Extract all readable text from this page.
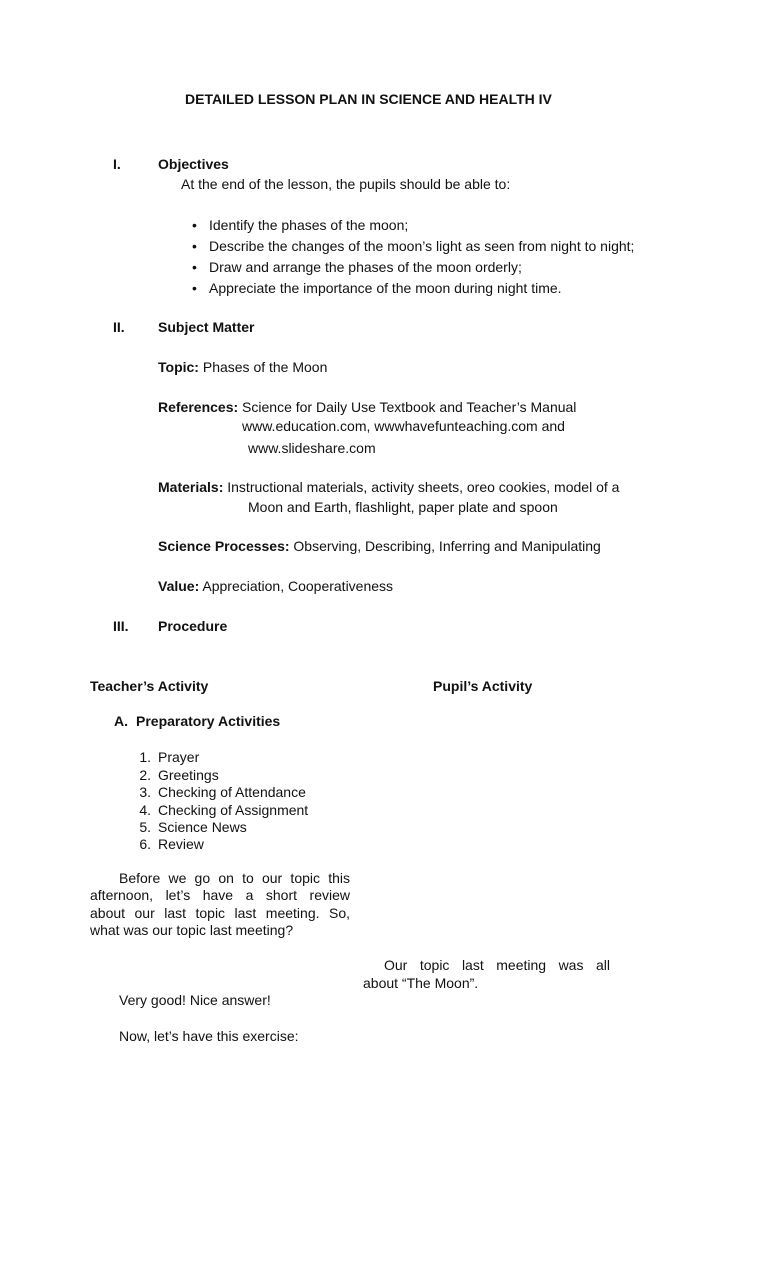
DETAILED LESSON PLAN IN SCIENCE AND HEALTH IV
I.	Objectives
At the end of the lesson, the pupils should be able to:
• Identify the phases of the moon;
• Describe the changes of the moon’s light as seen from night to night;
• Draw and arrange the phases of the moon orderly;
• Appreciate the importance of the moon during night time.
II. Subject Matter
Topic: Phases of the Moon
References: Science for Daily Use Textbook and Teacher’s Manual
www.education.com, wwwhavefunteaching.com and
www.slideshare.com
Materials: Instructional materials, activity sheets, oreo cookies, model of a
Moon and Earth, flashlight, paper plate and spoon
Science Processes: Observing, Describing, Inferring and Manipulating
Value: Appreciation, Cooperativeness
III. Procedure
Teacher’s Activity	Pupil’s Activity
A. Preparatory Activities
1. Prayer
2. Greetings
3. Checking of Attendance
4. Checking of Assignment
5. Science News
6. Review
Before we go on to our topic this
afternoon, let’s have a short review
about our last topic last meeting. So,
what was our topic last meeting?
Our topic last meeting was all
about “The Moon”.
Very good! Nice answer!
Now, let’s have this exercise:
